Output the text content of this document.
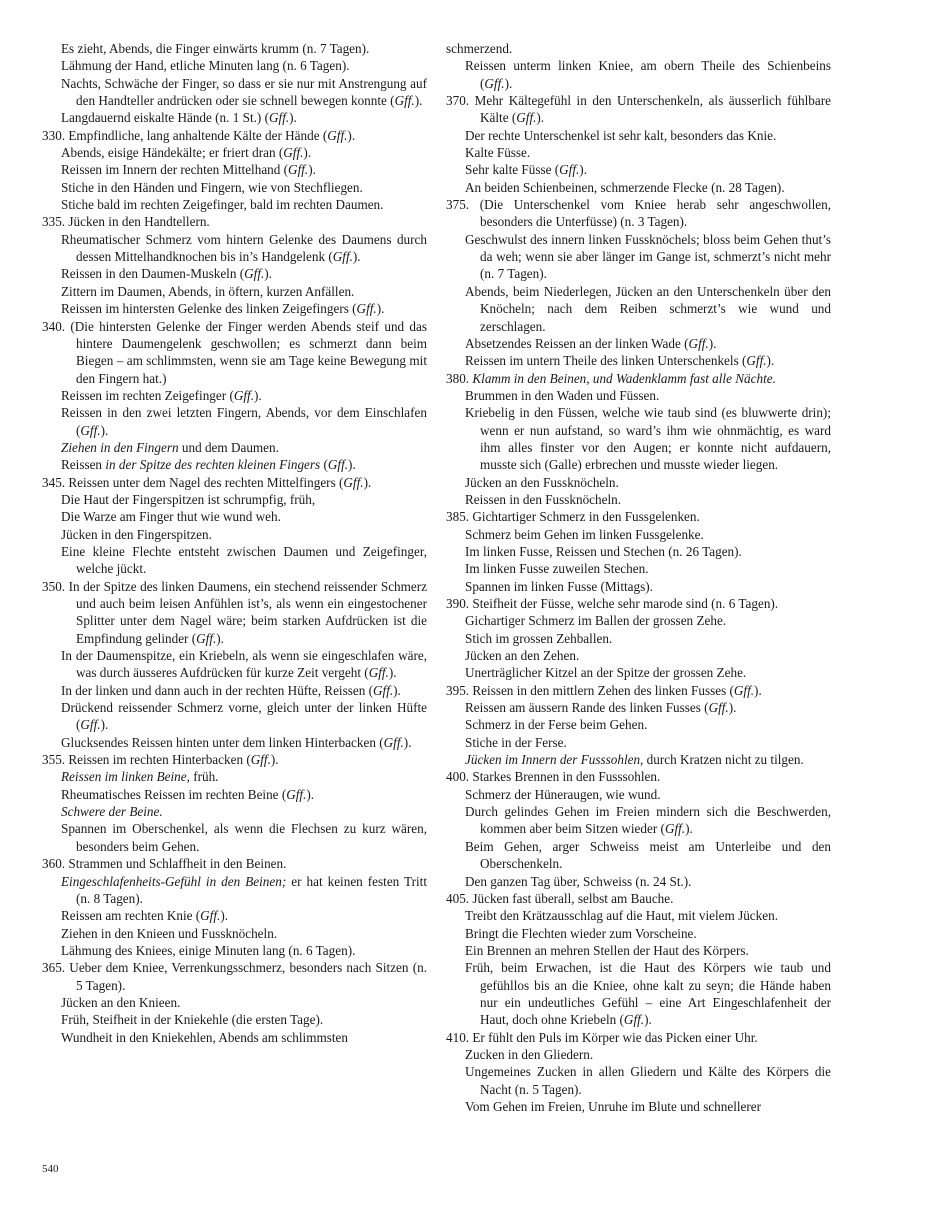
Es zieht, Abends, die Finger einwärts krumm (n. 7 Tagen).
Lähmung der Hand, etliche Minuten lang (n. 6 Tagen).
Nachts, Schwäche der Finger, so dass er sie nur mit Anstrengung auf den Handteller andrücken oder sie schnell bewegen konnte (Gff.).
Langdauernd eiskalte Hände (n. 1 St.) (Gff.).
330. Empfindliche, lang anhaltende Kälte der Hände (Gff.).
Abends, eisige Händekälte; er friert dran (Gff.).
Reissen im Innern der rechten Mittelhand (Gff.).
Stiche in den Händen und Fingern, wie von Stechfliegen.
Stiche bald im rechten Zeigefinger, bald im rechten Daumen.
335. Jücken in den Handtellern.
Rheumatischer Schmerz vom hintern Gelenke des Daumens durch dessen Mittelhandknochen bis in’s Handgelenk (Gff.).
Reissen in den Daumen-Muskeln (Gff.).
Zittern im Daumen, Abends, in öftern, kurzen Anfällen.
Reissen im hintersten Gelenke des linken Zeigefingers (Gff.).
340. (Die hintersten Gelenke der Finger werden Abends steif und das hintere Daumengelenk geschwollen; es schmerzt dann beim Biegen – am schlimmsten, wenn sie am Tage keine Bewegung mit den Fingern hat.)
Reissen im rechten Zeigefinger (Gff.).
Reissen in den zwei letzten Fingern, Abends, vor dem Einschlafen (Gff.).
Ziehen in den Fingern und dem Daumen.
Reissen in der Spitze des rechten kleinen Fingers (Gff.).
345. Reissen unter dem Nagel des rechten Mittelfingers (Gff.).
Die Haut der Fingerspitzen ist schrumpfig, früh,
Die Warze am Finger thut wie wund weh.
Jücken in den Fingerspitzen.
Eine kleine Flechte entsteht zwischen Daumen und Zeigefinger, welche jückt.
350. In der Spitze des linken Daumens, ein stechend reissender Schmerz und auch beim leisen Anfühlen ist’s, als wenn ein eingestochener Splitter unter dem Nagel wäre; beim starken Aufdrücken ist die Empfindung gelinder (Gff.).
In der Daumenspitze, ein Kriebeln, als wenn sie eingeschlafen wäre, was durch äusseres Aufdrücken für kurze Zeit vergeht (Gff.).
In der linken und dann auch in der rechten Hüfte, Reissen (Gff.).
Drückend reissender Schmerz vorne, gleich unter der linken Hüfte (Gff.).
Glucksendes Reissen hinten unter dem linken Hinterbacken (Gff.).
355. Reissen im rechten Hinterbacken (Gff.).
Reissen im linken Beine, früh.
Rheumatisches Reissen im rechten Beine (Gff.).
Schwere der Beine.
Spannen im Oberschenkel, als wenn die Flechsen zu kurz wären, besonders beim Gehen.
360. Strammen und Schlaffheit in den Beinen.
Eingeschlafenheits-Gefühl in den Beinen; er hat keinen festen Tritt (n. 8 Tagen).
Reissen am rechten Knie (Gff.).
Ziehen in den Knieen und Fussknöcheln.
Lähmung des Kniees, einige Minuten lang (n. 6 Tagen).
365. Ueber dem Kniee, Verrenkungsschmerz, besonders nach Sitzen (n. 5 Tagen).
Jücken an den Knieen.
Früh, Steifheit in der Kniekehle (die ersten Tage).
Wundheit in den Kniekehlen, Abends am schlimmsten
schmerzend.
Reissen unterm linken Kniee, am obern Theile des Schienbeins (Gff.).
370. Mehr Kältegefühl in den Unterschenkeln, als äusserlich fühlbare Kälte (Gff.).
Der rechte Unterschenkel ist sehr kalt, besonders das Knie.
Kalte Füsse.
Sehr kalte Füsse (Gff.).
An beiden Schienbeinen, schmerzende Flecke (n. 28 Tagen).
375. (Die Unterschenkel vom Kniee herab sehr angeschwollen, besonders die Unterfüsse) (n. 3 Tagen).
Geschwulst des innern linken Fussknöchels; bloss beim Gehen thut’s da weh; wenn sie aber länger im Gange ist, schmerzt’s nicht mehr (n. 7 Tagen).
Abends, beim Niederlegen, Jücken an den Unterschenkeln über den Knöcheln; nach dem Reiben schmerzt’s wie wund und zerschlagen.
Absetzendes Reissen an der linken Wade (Gff.).
Reissen im untern Theile des linken Unterschenkels (Gff.).
380. Klamm in den Beinen, und Wadenklamm fast alle Nächte.
Brummen in den Waden und Füssen.
Kriebelig in den Füssen, welche wie taub sind (es bluwwerte drin); wenn er nun aufstand, so ward’s ihm wie ohnmächtig, es ward ihm alles finster vor den Augen; er konnte nicht aufdauern, musste sich (Galle) erbrechen und musste wieder liegen.
Jücken an den Fussknöcheln.
Reissen in den Fussknöcheln.
385. Gichtartiger Schmerz in den Fussgelenken.
Schmerz beim Gehen im linken Fussgelenke.
Im linken Fusse, Reissen und Stechen (n. 26 Tagen).
Im linken Fusse zuweilen Stechen.
Spannen im linken Fusse (Mittags).
390. Steifheit der Füsse, welche sehr marode sind (n. 6 Tagen).
Gichartiger Schmerz im Ballen der grossen Zehe.
Stich im grossen Zehballen.
Jücken an den Zehen.
Unerträglicher Kitzel an der Spitze der grossen Zehe.
395. Reissen in den mittlern Zehen des linken Fusses (Gff.).
Reissen am äussern Rande des linken Fusses (Gff.).
Schmerz in der Ferse beim Gehen.
Stiche in der Ferse.
Jücken im Innern der Fusssohlen, durch Kratzen nicht zu tilgen.
400. Starkes Brennen in den Fusssohlen.
Schmerz der Hüneraugen, wie wund.
Durch gelindes Gehen im Freien mindern sich die Beschwerden, kommen aber beim Sitzen wieder (Gff.).
Beim Gehen, arger Schweiss meist am Unterleibe und den Oberschenkeln.
Den ganzen Tag über, Schweiss (n. 24 St.).
405. Jücken fast überall, selbst am Bauche.
Treibt den Krätzausschlag auf die Haut, mit vielem Jücken.
Bringt die Flechten wieder zum Vorscheine.
Ein Brennen an mehren Stellen der Haut des Körpers.
Früh, beim Erwachen, ist die Haut des Körpers wie taub und gefühllos bis an die Kniee, ohne kalt zu seyn; die Hände haben nur ein undeutliches Gefühl – eine Art Eingeschlafenheit der Haut, doch ohne Kriebeln (Gff.).
410. Er fühlt den Puls im Körper wie das Picken einer Uhr.
Zucken in den Gliedern.
Ungemeines Zucken in allen Gliedern und Kälte des Körpers die Nacht (n. 5 Tagen).
Vom Gehen im Freien, Unruhe im Blute und schnellerer
540
